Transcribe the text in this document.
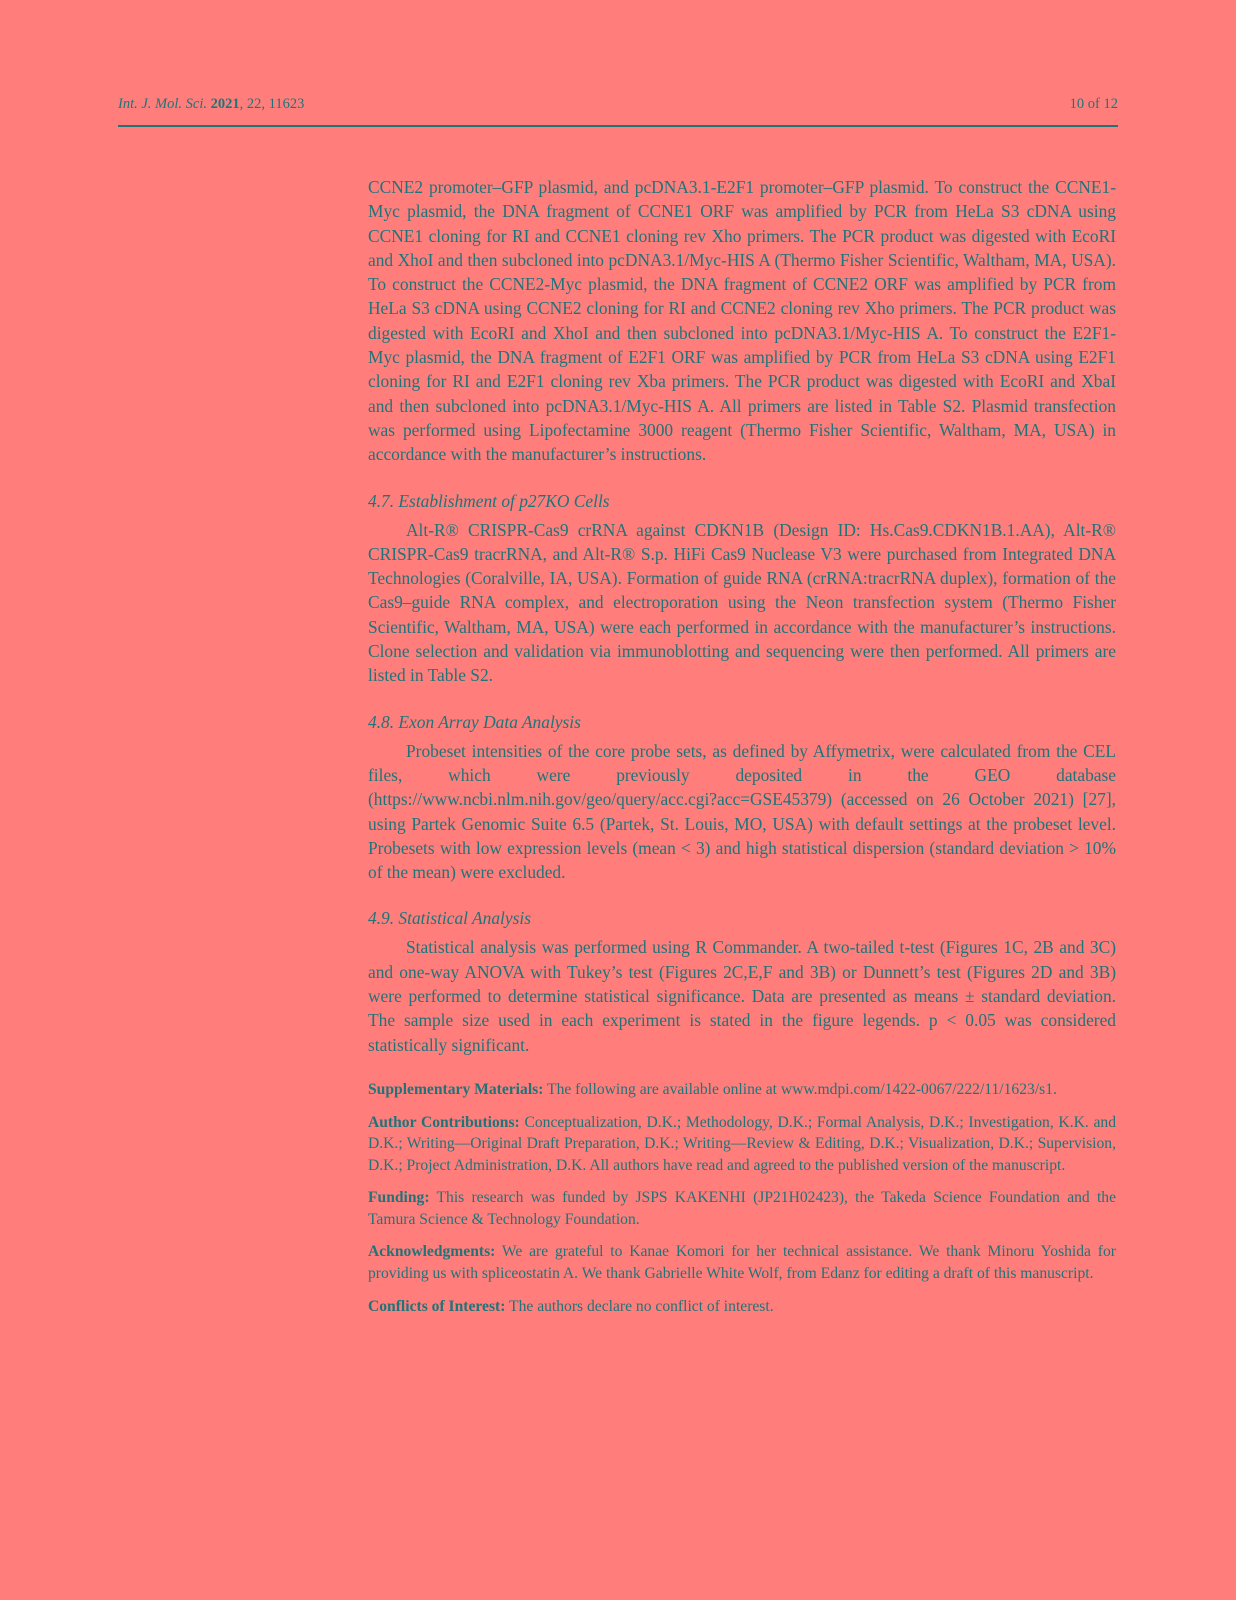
Int. J. Mol. Sci. 2021, 22, 11623	10 of 12

CCNE2 promoter–GFP plasmid, and pcDNA3.1-E2F1 promoter–GFP plasmid. To construct the CCNE1-Myc plasmid, the DNA fragment of CCNE1 ORF was amplified by PCR from HeLa S3 cDNA using CCNE1 cloning for RI and CCNE1 cloning rev Xho primers. The PCR product was digested with EcoRI and XhoI and then subcloned into pcDNA3.1/Myc-HIS A (Thermo Fisher Scientific, Waltham, MA, USA). To construct the CCNE2-Myc plasmid, the DNA fragment of CCNE2 ORF was amplified by PCR from HeLa S3 cDNA using CCNE2 cloning for RI and CCNE2 cloning rev Xho primers. The PCR product was digested with EcoRI and XhoI and then subcloned into pcDNA3.1/Myc-HIS A. To construct the E2F1-Myc plasmid, the DNA fragment of E2F1 ORF was amplified by PCR from HeLa S3 cDNA using E2F1 cloning for RI and E2F1 cloning rev Xba primers. The PCR product was digested with EcoRI and XbaI and then subcloned into pcDNA3.1/Myc-HIS A. All primers are listed in Table S2. Plasmid transfection was performed using Lipofectamine 3000 reagent (Thermo Fisher Scientific, Waltham, MA, USA) in accordance with the manufacturer’s instructions.

4.7. Establishment of p27KO Cells

Alt-R® CRISPR-Cas9 crRNA against CDKN1B (Design ID: Hs.Cas9.CDKN1B.1.AA), Alt-R® CRISPR-Cas9 tracrRNA, and Alt-R® S.p. HiFi Cas9 Nuclease V3 were purchased from Integrated DNA Technologies (Coralville, IA, USA). Formation of guide RNA (crRNA:tracrRNA duplex), formation of the Cas9–guide RNA complex, and electroporation using the Neon transfection system (Thermo Fisher Scientific, Waltham, MA, USA) were each performed in accordance with the manufacturer’s instructions. Clone selection and validation via immunoblotting and sequencing were then performed. All primers are listed in Table S2.

4.8. Exon Array Data Analysis

Probeset intensities of the core probe sets, as defined by Affymetrix, were calculated from the CEL files, which were previously deposited in the GEO database (https://www.ncbi.nlm.nih.gov/geo/query/acc.cgi?acc=GSE45379) (accessed on 26 October 2021) [27], using Partek Genomic Suite 6.5 (Partek, St. Louis, MO, USA) with default settings at the probeset level. Probesets with low expression levels (mean < 3) and high statistical dispersion (standard deviation > 10% of the mean) were excluded.

4.9. Statistical Analysis

Statistical analysis was performed using R Commander. A two-tailed t-test (Figures 1C, 2B and 3C) and one-way ANOVA with Tukey’s test (Figures 2C,E,F and 3B) or Dunnett’s test (Figures 2D and 3B) were performed to determine statistical significance. Data are presented as means ± standard deviation. The sample size used in each experiment is stated in the figure legends. p < 0.05 was considered statistically significant.

Supplementary Materials: The following are available online at www.mdpi.com/1422-0067/222/11/1623/s1.

Author Contributions: Conceptualization, D.K.; Methodology, D.K.; Formal Analysis, D.K.; Investigation, K.K. and D.K.; Writing—Original Draft Preparation, D.K.; Writing—Review & Editing, D.K.; Visualization, D.K.; Supervision, D.K.; Project Administration, D.K. All authors have read and agreed to the published version of the manuscript.

Funding: This research was funded by JSPS KAKENHI (JP21H02423), the Takeda Science Foundation and the Tamura Science & Technology Foundation.

Acknowledgments: We are grateful to Kanae Komori for her technical assistance. We thank Minoru Yoshida for providing us with spliceostatin A. We thank Gabrielle White Wolf, from Edanz for editing a draft of this manuscript.

Conflicts of Interest: The authors declare no conflict of interest.
